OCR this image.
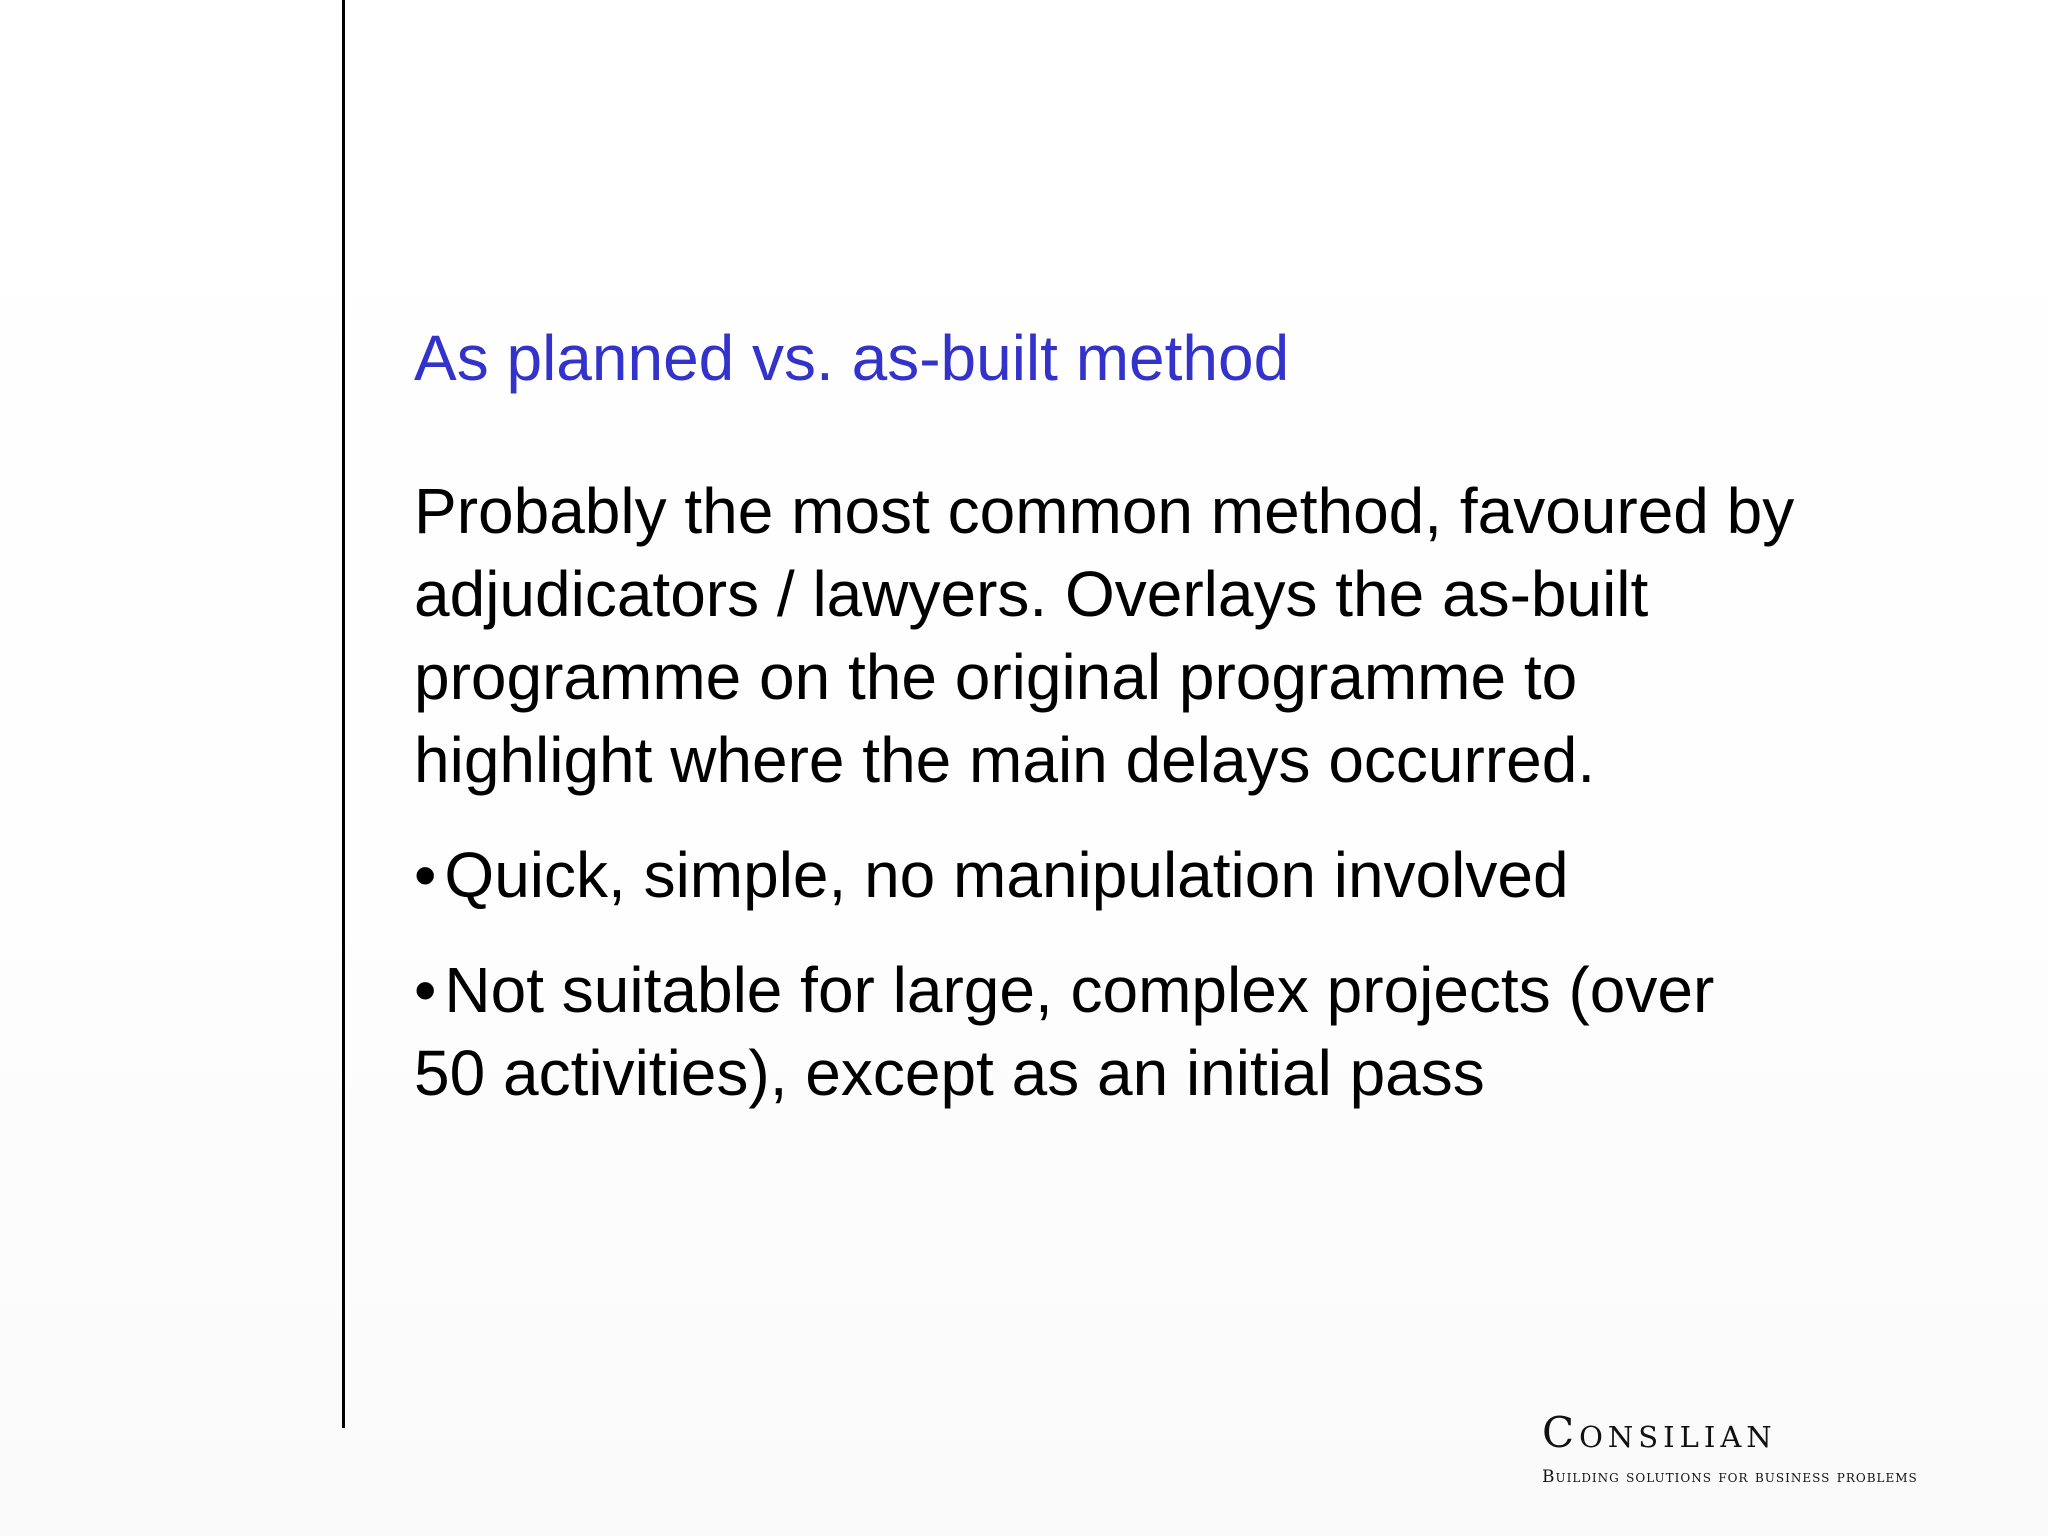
As planned vs. as-built method
Probably the most common method, favoured by
adjudicators / lawyers. Overlays the as-built
programme on the original programme to
highlight where the main delays occurred.
• Quick, simple, no manipulation involved
• Not suitable for large, complex projects (over
50 activities), except as an initial pass
Consilian
Building solutions for business problems
